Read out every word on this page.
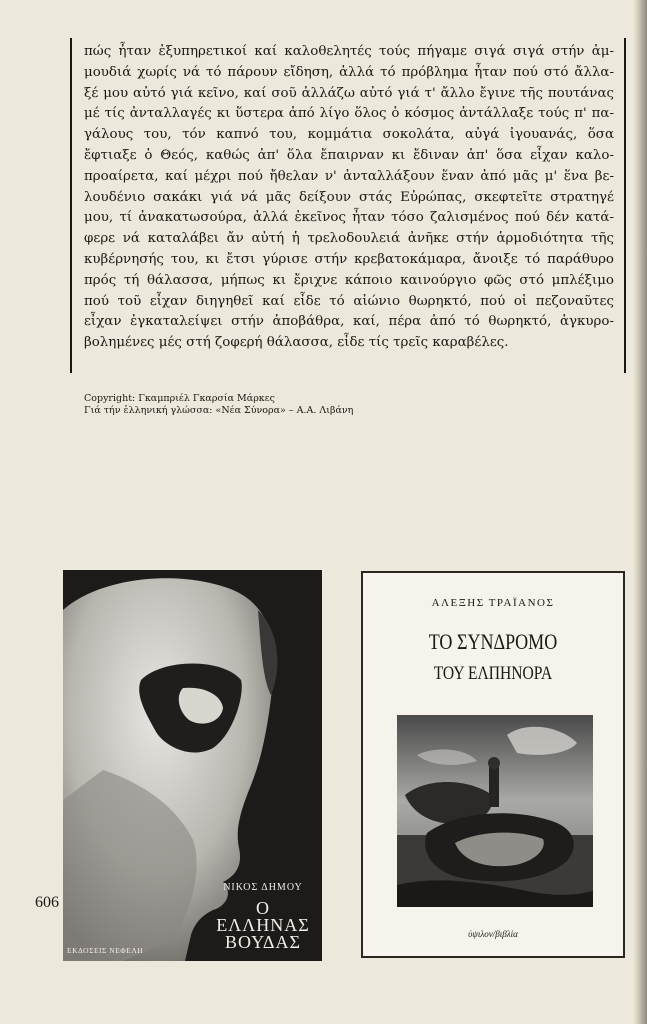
πώς ἦταν ἐξυπηρετικοί καί καλοθελητές τούς πήγαμε σιγά σιγά στήν ἀμ-
μουδιά χωρίς νά τό πάρουν εἴδηση, ἀλλά τό πρόβλημα ἦταν πού στό ἄλλα-
ξέ μου αὐτό γιά κεῖνο, καί σοῦ ἀλλάζω αὐτό γιά τ' ἄλλο ἔγινε τῆς πουτάνας
μέ τίς ἀνταλλαγές κι ὕστερα ἀπό λίγο ὅλος ὁ κόσμος ἀντάλλαξε τούς π' πα-
γάλους του, τόν καπνό του, κομμάτια σοκολάτα, αὐγά ἰγουανάς, ὅσα
ἔφτιαξε ὁ Θεός, καθώς ἀπ' ὅλα ἔπαιρναν κι ἔδιναν ἀπ' ὅσα εἶχαν καλο-
προαίρετα, καί μέχρι πού ἤθελαν ν' ἀνταλλάξουν ἕναν ἀπό μᾶς μ' ἕνα βε-
λουδένιο σακάκι γιά νά μᾶς δείξουν στάς Εὐρώπας, σκεφτεῖτε στρατηγέ
μου, τί ἀνακατωσούρα, ἀλλά ἐκεῖνος ἦταν τόσο ζαλισμένος πού δέν κατά-
φερε νά καταλάβει ἄν αὐτή ἡ τρελοδουλειά ἀνῆκε στήν ἁρμοδιότητα τῆς
κυβέρνησής του, κι ἔτσι γύρισε στήν κρεβατοκάμαρα, ἄνοιξε τό παράθυρο
πρός τή θάλασσα, μήπως κι ἔριχνε κάποιο καινούργιο φῶς στό μπλέξιμο
πού τοῦ εἶχαν διηγηθεῖ καί εἶδε τό αἰώνιο θωρηκτό, πού οἱ πεζοναῦτες
εἶχαν ἐγκαταλείψει στήν ἀποβάθρα, καί, πέρα ἀπό τό θωρηκτό, ἀγκυρο-
βολημένες μές στή ζοφερή θάλασσα, εἶδε τίς τρεῖς καραβέλες.
Copyright: Γκαμπριέλ Γκαρσία Μάρκες
Γιά τήν ἑλληνική γλώσσα: «Νέα Σύνορα» – Α.Α. Λιβάνη
606
ΝΙΚΟΣ ΔΗΜΟΥ
Ο
ΕΛΛΗΝΑΣ
ΒΟΥΔΑΣ
ΕΚΔΟΣΕΙΣ ΝΕΦΕΛΗ
ΑΛΕΞΗΣ ΤΡΑΪΑΝΟΣ
ΤΟ ΣΥΝΔΡΟΜΟ
ΤΟΥ ΕΛΠΗΝΟΡΑ
ύψιλον/βιβλία
